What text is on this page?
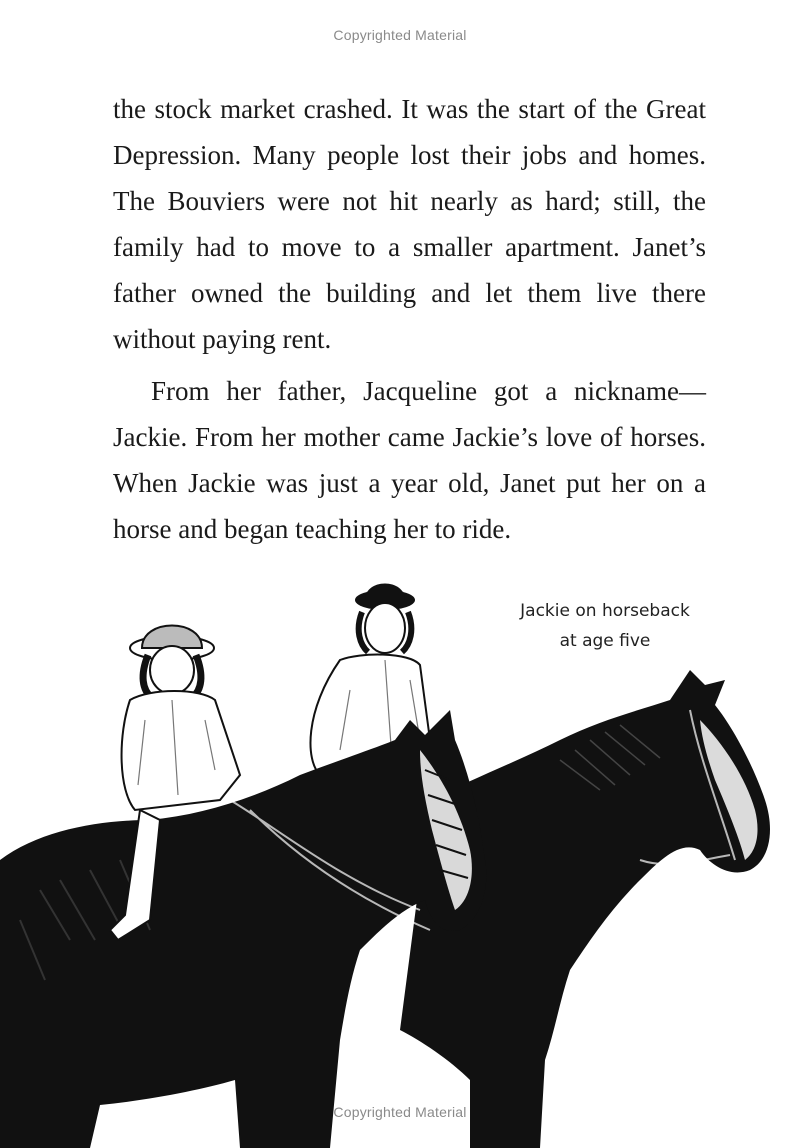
Copyrighted Material

the stock market crashed. It was the start of the Great Depression. Many people lost their jobs and homes. The Bouviers were not hit nearly as hard; still, the family had to move to a smaller apartment. Janet’s father owned the building and let them live there without paying rent.

From her father, Jacqueline got a nickname—Jackie. From her mother came Jackie’s love of horses. When Jackie was just a year old, Janet put her on a horse and began teaching her to ride.

Jackie on horseback
at age five
Copyrighted Material
